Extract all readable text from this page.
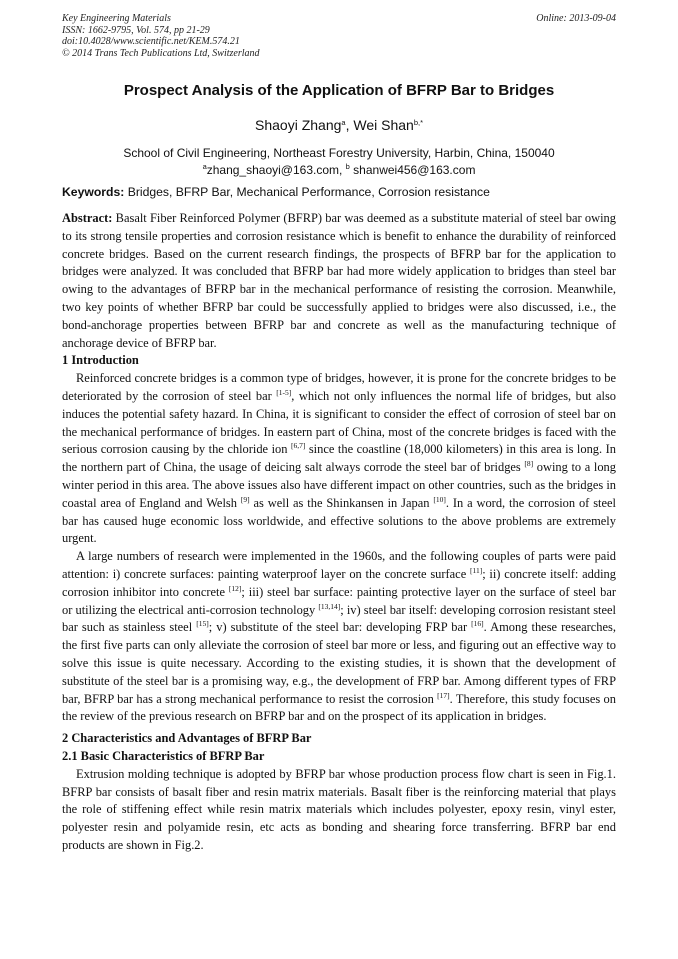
Key Engineering Materials
ISSN: 1662-9795, Vol. 574, pp 21-29
doi:10.4028/www.scientific.net/KEM.574.21
© 2014 Trans Tech Publications Ltd, Switzerland
Online: 2013-09-04
Prospect Analysis of the Application of BFRP Bar to Bridges
Shaoyi Zhang$^a$, Wei Shan$^{b,*}$
School of Civil Engineering, Northeast Forestry University, Harbin, China, 150040
$^a$zhang_shaoyi@163.com, $^b$ shanwei456@163.com
Keywords: Bridges, BFRP Bar, Mechanical Performance, Corrosion resistance

Abstract: Basalt Fiber Reinforced Polymer (BFRP) bar was deemed as a substitute material of steel bar owing to its strong tensile properties and corrosion resistance which is benefit to enhance the durability of reinforced concrete bridges. Based on the current research findings, the prospects of BFRP bar for the application to bridges were analyzed. It was concluded that BFRP bar had more widely application to bridges than steel bar owing to the advantages of BFRP bar in the mechanical performance of resisting the corrosion. Meanwhile, two key points of whether BFRP bar could be successfully applied to bridges were also discussed, i.e., the bond-anchorage properties between BFRP bar and concrete as well as the manufacturing technique of anchorage device of BFRP bar.

1 Introduction

Reinforced concrete bridges is a common type of bridges, however, it is prone for the concrete bridges to be deteriorated by the corrosion of steel bar [1-5], which not only influences the normal life of bridges, but also induces the potential safety hazard. In China, it is significant to consider the effect of corrosion of steel bar on the mechanical performance of bridges. In eastern part of China, most of the concrete bridges is faced with the serious corrosion causing by the chloride ion [6,7] since the coastline (18,000 kilometers) in this area is long. In the northern part of China, the usage of deicing salt always corrode the steel bar of bridges [8] owing to a long winter period in this area. The above issues also have different impact on other countries, such as the bridges in coastal area of England and Welsh [9] as well as the Shinkansen in Japan [10]. In a word, the corrosion of steel bar has caused huge economic loss worldwide, and effective solutions to the above problems are extremely urgent.

A large numbers of research were implemented in the 1960s, and the following couples of parts were paid attention: i) concrete surfaces: painting waterproof layer on the concrete surface [11]; ii) concrete itself: adding corrosion inhibitor into concrete [12]; iii) steel bar surface: painting protective layer on the surface of steel bar or utilizing the electrical anti-corrosion technology [13,14]; iv) steel bar itself: developing corrosion resistant steel bar such as stainless steel [15]; v) substitute of the steel bar: developing FRP bar [16]. Among these researches, the first five parts can only alleviate the corrosion of steel bar more or less, and figuring out an effective way to solve this issue is quite necessary. According to the existing studies, it is shown that the development of substitute of the steel bar is a promising way, e.g., the development of FRP bar. Among different types of FRP bar, BFRP bar has a strong mechanical performance to resist the corrosion [17]. Therefore, this study focuses on the review of the previous research on BFRP bar and on the prospect of its application in bridges.

2 Characteristics and Advantages of BFRP Bar

2.1 Basic Characteristics of BFRP Bar

Extrusion molding technique is adopted by BFRP bar whose production process flow chart is seen in Fig.1. BFRP bar consists of basalt fiber and resin matrix materials. Basalt fiber is the reinforcing material that plays the role of stiffening effect while resin matrix materials which includes polyester, epoxy resin, vinyl ester, polyester resin and polyamide resin, etc acts as bonding and shearing force transferring. BFRP bar end products are shown in Fig.2.
